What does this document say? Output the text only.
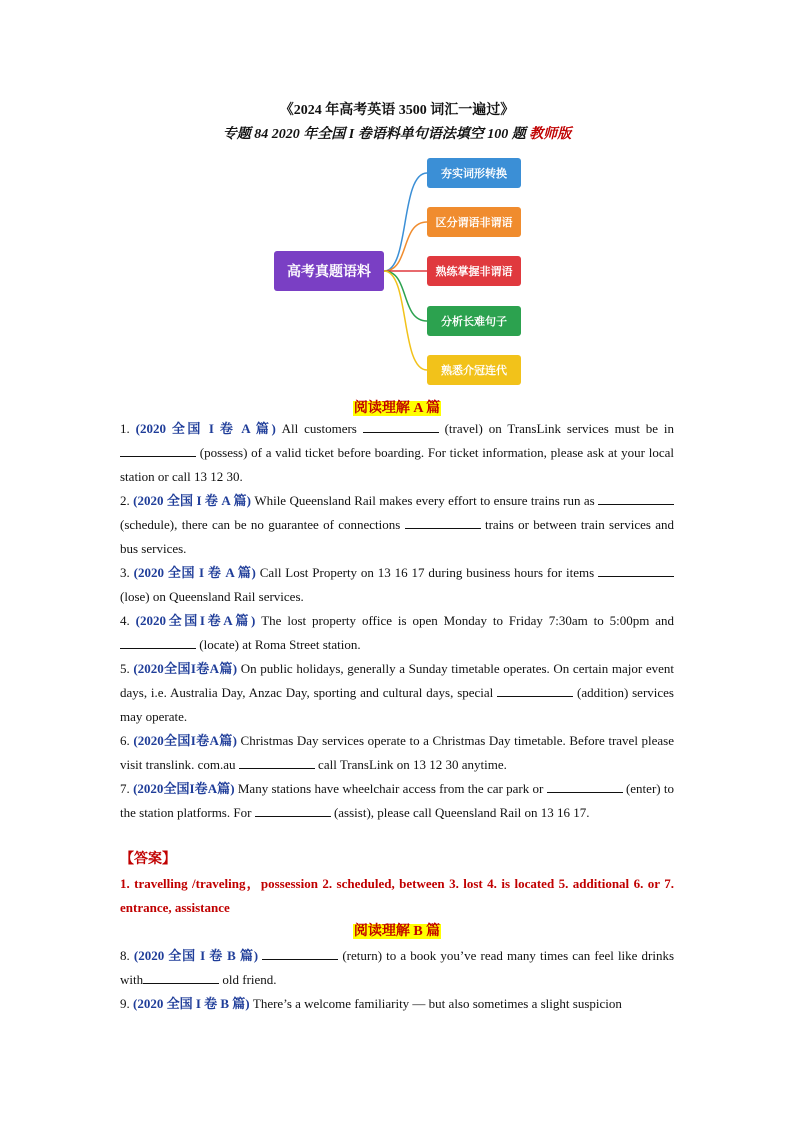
《2024 年高考英语 3500 词汇一遍过》
专题 84 2020 年全国 I 卷语料单句语法填空 100 题 教师版
高考真题语料
夯实词形转换
区分谓语非谓语
熟练掌握非谓语
分析长难句子
熟悉介冠连代
阅读理解 A 篇
1. (2020 全国 I 卷 A 篇) All customers	(travel) on TransLink services must be in  (possess) of a valid ticket before boarding. For ticket information, please ask at your local station or call 13 12 30.
2. (2020 全国 I 卷 A 篇) While Queensland Rail makes every effort to ensure trains run as  (schedule), there can be no guarantee of connections	trains or between train services and bus services.
3. (2020 全国 I 卷 A 篇) Call Lost Property on 13 16 17 during business hours for items  (lose) on Queensland Rail services.
4. (2020全国I卷A篇) The lost property office is open Monday to Friday 7:30am to 5:00pm and  (locate) at Roma Street station.
5. (2020全国I卷A篇) On public holidays, generally a Sunday timetable operates. On certain major event days, i.e. Australia Day, Anzac Day, sporting and cultural days, special	(addition) services may operate.
6. (2020全国I卷A篇) Christmas Day services operate to a Christmas Day timetable. Before travel please visit translink. com.au	call TransLink on 13 12 30 anytime.
7. (2020全国I卷A篇) Many stations have wheelchair access from the car park or	(enter) to the station platforms. For	(assist), please call Queensland Rail on 13 16 17.
【答案】
1. travelling /traveling，possession 2. scheduled, between 3. lost 4. is located 5. additional 6. or 7. entrance, assistance
阅读理解 B 篇
8. (2020 全国 I 卷 B 篇)	(return) to a book you’ve read many times can feel like drinks with	old friend.
9. (2020 全国 I 卷 B 篇) There’s a welcome familiarity — but also sometimes a slight suspicion
